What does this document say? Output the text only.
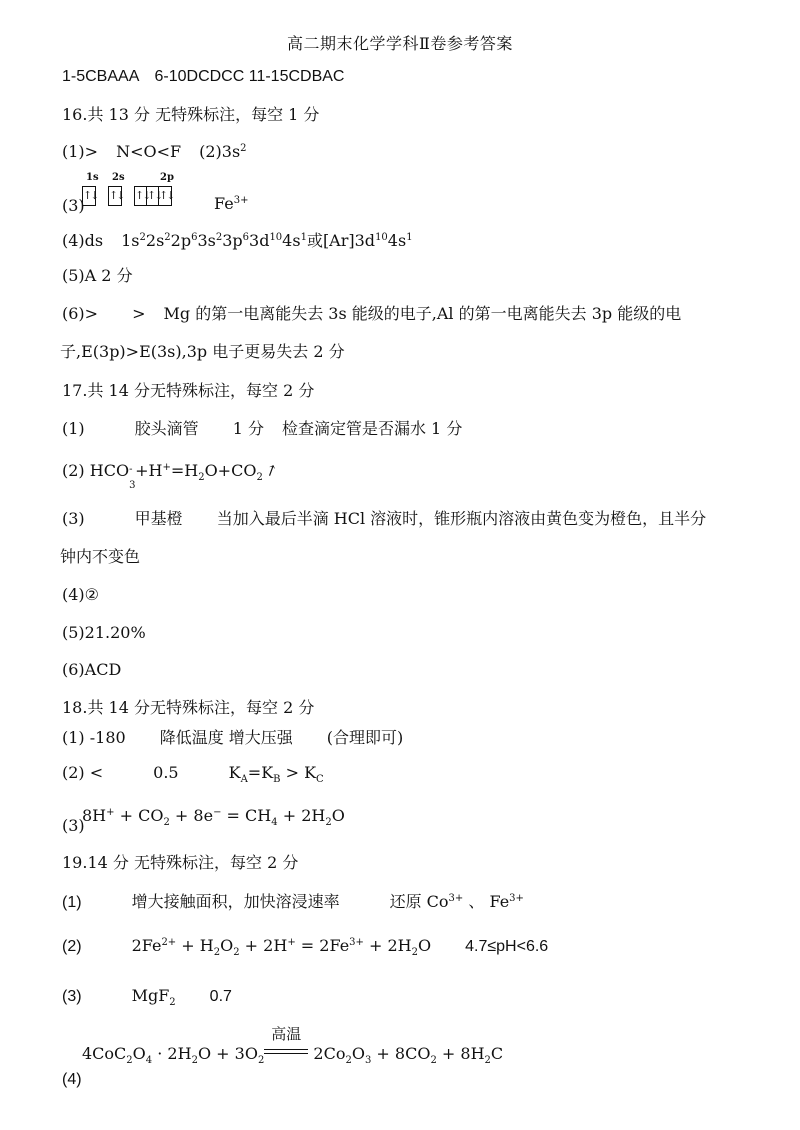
高二期末化学学科Ⅱ卷参考答案
1-5CBAAA　6-10DCDCC 11-15CDBAC
16.共 13 分 无特殊标注，每空 1 分
(1)> N<O<F $(2)3s^2$
(3)
1s 2s	2p
↑↓ ↑↓ ↑↓
↑↓
↑↓	$Fe^{3+}$
(4)ds $1s^22s^22p^63s^23p^63d^{10}4s^1$或$[Ar]3d^{10}4s^1$
(5)A 2 分
(6)> > Mg 的第一电离能失去 3s 能级的电子,Al 的第一电离能失去 3p 能级的电
子,E(3p)>E(3s),3p 电子更易失去 2 分
17.共 14 分无特殊标注，每空 2 分
(1)	胶头滴管 1 分 检查滴定管是否漏水 1 分
(2) HCO -
3
$+H^+=H_2O+CO_2↑$
(3)	甲基橙 当加入最后半滴 HCl 溶液时，锥形瓶内溶液由黄色变为橙色，且半分
钟内不变色
(4)②
(5)21.20%
(6)ACD
18.共 14 分无特殊标注，每空 2 分
(1) -180 降低温度 增大压强 (合理即可)
(2) <	0.5	$K_A=K_B > K_C$
(3)
$8H^+ + CO_2 + 8e^- = CH_4 + 2H_2O$
19.14 分 无特殊标注，每空 2 分
(1)	增大接触面积，加快溶浸速率	还原 $Co^{3+}$ 、 $Fe^{3+}$
(2)	$2Fe^{2+} + H_2O_2 + 2H^+ = 2Fe^{3+} + 2H_2O$ 4.7≤pH<6.6
(3)	MgF$_2$ 0.7
$4CoC_2O_4 \cdot 2H_2O + 3O_2$
高温
$2Co_2O_3 + 8CO_2 + 8H_2C$
(4)
